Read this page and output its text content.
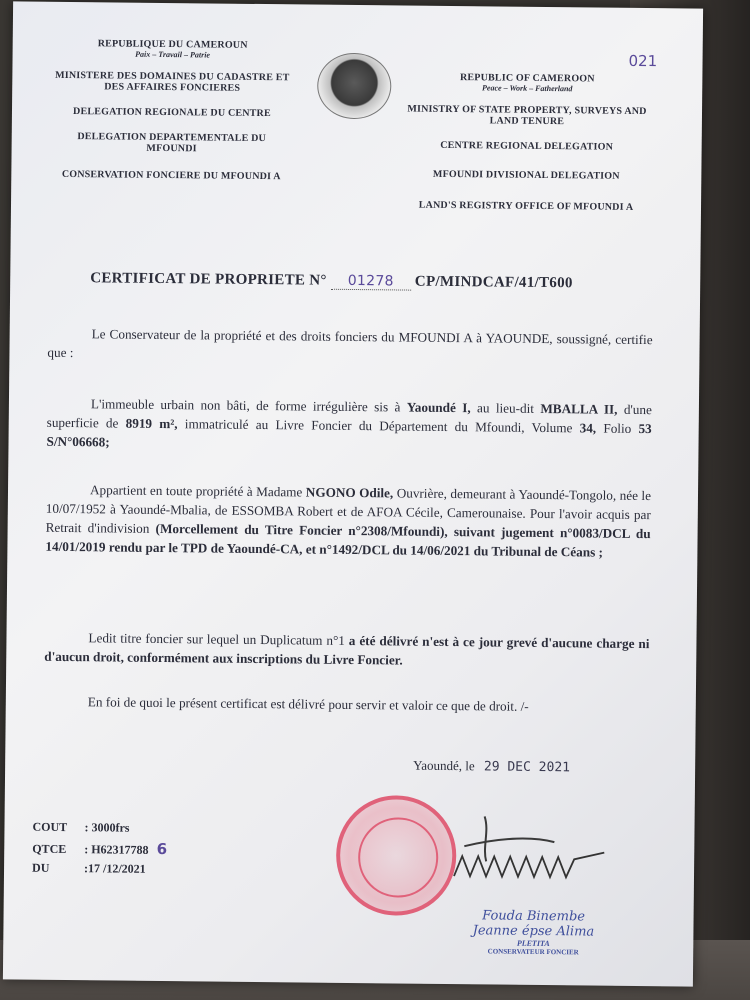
REPUBLIQUE DU CAMEROUN
Paix – Travail – Patrie
MINISTERE DES DOMAINES DU CADASTRE ET DES AFFAIRES FONCIERES
DELEGATION REGIONALE DU CENTRE
DELEGATION DEPARTEMENTALE DU MFOUNDI
CONSERVATION FONCIERE DU MFOUNDI A
REPUBLIC OF CAMEROON
Peace – Work – Fatherland
MINISTRY OF STATE PROPERTY, SURVEYS AND LAND TENURE
CENTRE REGIONAL DELEGATION
MFOUNDI DIVISIONAL DELEGATION
LAND'S REGISTRY OFFICE OF MFOUNDI A
021
CERTIFICAT DE PROPRIETE N° 01278 CP/MINDCAF/41/T600
Le Conservateur de la propriété et des droits fonciers du MFOUNDI A à YAOUNDE, soussigné, certifie que :
L'immeuble urbain non bâti, de forme irrégulière sis à Yaoundé I, au lieu-dit MBALLA II, d'une superficie de 8919 m², immatriculé au Livre Foncier du Département du Mfoundi, Volume 34, Folio 53 S/N°06668;
Appartient en toute propriété à Madame NGONO Odile, Ouvrière, demeurant à Yaoundé-Tongolo, née le 10/07/1952 à Yaoundé-Mbalia, de ESSOMBA Robert et de AFOA Cécile, Camerounaise. Pour l'avoir acquis par Retrait d'indivision (Morcellement du Titre Foncier n°2308/Mfoundi), suivant jugement n°0083/DCL du 14/01/2019 rendu par le TPD de Yaoundé-CA, et n°1492/DCL du 14/06/2021 du Tribunal de Céans ;
Ledit titre foncier sur lequel un Duplicatum n°1 a été délivré n'est à ce jour grevé d'aucune charge ni d'aucun droit, conformément aux inscriptions du Livre Foncier.
En foi de quoi le présent certificat est délivré pour servir et valoir ce que de droit. /-
Yaoundé, le 29 DEC 2021
COUT : 3000frs
QTCE : H62317788 6
DU	:17 /12/2021
Fouda Binembe
Jeanne épse Alima
PLETITA
CONSERVATEUR FONCIER
